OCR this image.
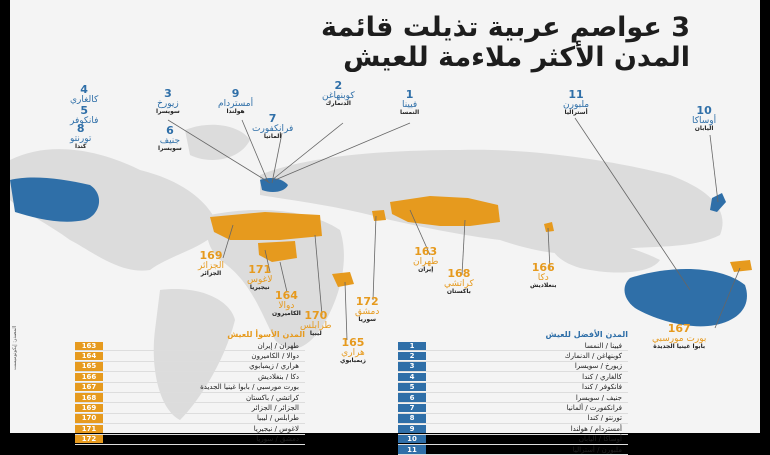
3 عواصم عربية تذيلت قائمة
المدن الأكثر ملاءمة للعيش
1
فيينا
النمسا
2
كوبنهاغن
الدنمارك
3
زيورخ
سويسرا
4
كالغاري
5
فانكوفر
6
جنيف
سويسرا
7
فرانكفورت
ألمانيا
8
تورنتو
كندا
9
أمستردام
هولندا	10
أوساكا
اليابان
11
ملبورن
أستراليا
163
طهران
إيران
164
دوالا
الكاميرون
165
هراري
زيمبابوي
166
دكا
بنغلاديش
167
بورت مورسبي
بابوا غينيا الجديدة
168
كراتشي
باكستان
169
الجزائر
الجزائر
170
طرابلس
ليبيا
171
لاغوس
نيجيريا
172
دمشق
سوريا
المدن الأسوأ للعيش
طهران / إيران
163
دوالا / الكاميرون
164
هراري / زيمبابوي
165
دكا / بنغلاديش
166
بورت مورسبي / بابوا غينيا الجديدة
167
كراتشي / باكستان
168
الجزائر / الجزائر
169
طرابلس / ليبيا
170
لاغوس / نيجيريا
171
دمشق / سوريا
172
المدن الأفضل للعيش
فيينا / النمسا
1
كوبنهاغن / الدنمارك
2
زيورخ / سويسرا
3
كالغاري / كندا
4
فانكوفر / كندا
5
جنيف / سويسرا
6
فرانكفورت / ألمانيا
7
تورنتو / كندا
8
أمستردام / هولندا
9
أوساكا / اليابان
10
ملبورن / أستراليا
11
المصدر: إيكونوميست
